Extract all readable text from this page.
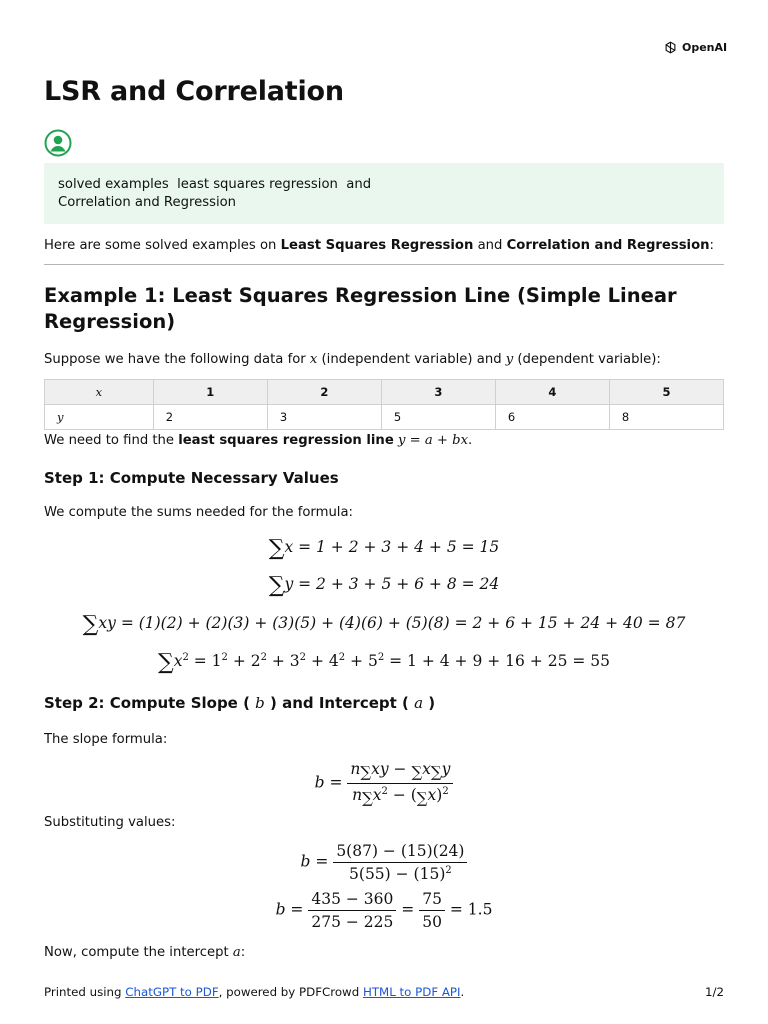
OpenAI
LSR and Correlation
solved examples  least squares regression  and
Correlation and Regression
Here are some solved examples on Least Squares Regression and Correlation and Regression:
Example 1: Least Squares Regression Line (Simple Linear Regression)
Suppose we have the following data for x (independent variable) and y (dependent variable):
x	1	2	3	4	5
y	2	3	5	6	8
We need to find the least squares regression line y = a + bx.
Step 1: Compute Necessary Values
We compute the sums needed for the formula:
∑x = 1 + 2 + 3 + 4 + 5 = 15
∑y = 2 + 3 + 5 + 6 + 8 = 24
∑xy = (1)(2) + (2)(3) + (3)(5) + (4)(6) + (5)(8) = 2 + 6 + 15 + 24 + 40 = 87
$\sum x^2 = 1^2 + 2^2 + 3^2 + 4^2 + 5^2 = 1 + 4 + 9 + 16 + 25 = 55$
Step 2: Compute Slope ( b ) and Intercept ( a )
The slope formula:
$b = \frac{n\sum xy - \sum x\sum y}{n\sum x^2 - (\sum x)^2}$
Substituting values:
$b = \frac{5(87) - (15)(24)}{5(55) - (15)^2}$
$b = \frac{435 - 360}{275 - 225} = \frac{75}{50} = 1.5$
Now, compute the intercept a:
Printed using ChatGPT to PDF, powered by PDFCrowd HTML to PDF API.	1/2
